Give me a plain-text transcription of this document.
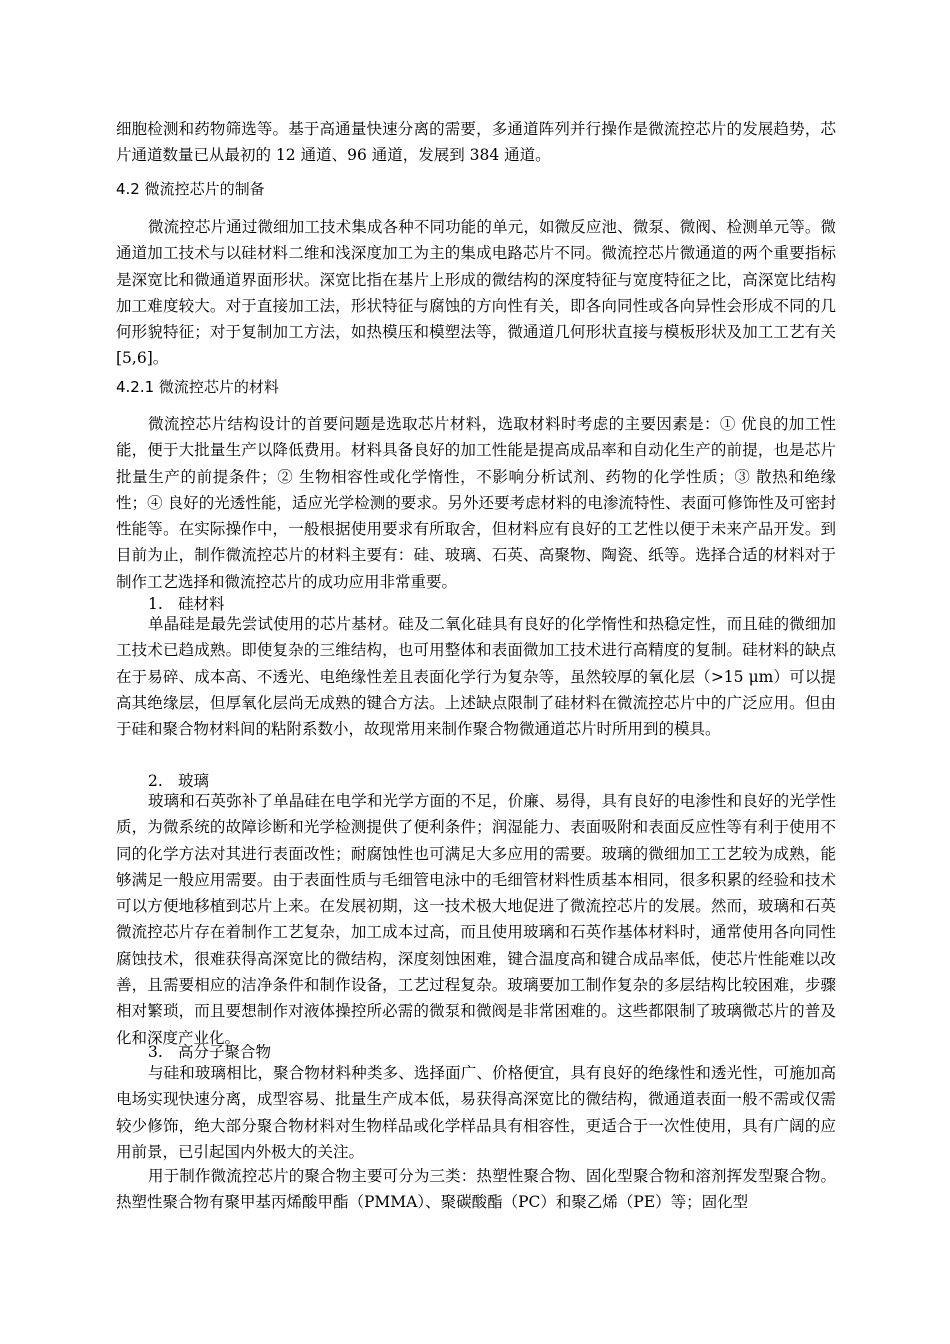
细胞检测和药物筛选等。基于高通量快速分离的需要，多通道阵列并行操作是微流控芯片的发展趋势，芯片通道数量已从最初的 12 通道、96 通道，发展到 384 通道。

4.2 微流控芯片的制备

微流控芯片通过微细加工技术集成各种不同功能的单元，如微反应池、微泵、微阀、检测单元等。微通道加工技术与以硅材料二维和浅深度加工为主的集成电路芯片不同。微流控芯片微通道的两个重要指标是深宽比和微通道界面形状。深宽比指在基片上形成的微结构的深度特征与宽度特征之比，高深宽比结构加工难度较大。对于直接加工法，形状特征与腐蚀的方向性有关，即各向同性或各向异性会形成不同的几何形貌特征；对于复制加工方法，如热模压和模塑法等，微通道几何形状直接与模板形状及加工工艺有关[5,6]。

4.2.1 微流控芯片的材料

微流控芯片结构设计的首要问题是选取芯片材料，选取材料时考虑的主要因素是：① 优良的加工性能，便于大批量生产以降低费用。材料具备良好的加工性能是提高成品率和自动化生产的前提，也是芯片批量生产的前提条件；② 生物相容性或化学惰性，不影响分析试剂、药物的化学性质；③ 散热和绝缘性；④ 良好的光透性能，适应光学检测的要求。另外还要考虑材料的电渗流特性、表面可修饰性及可密封性能等。在实际操作中，一般根据使用要求有所取舍，但材料应有良好的工艺性以便于未来产品开发。到目前为止，制作微流控芯片的材料主要有：硅、玻璃、石英、高聚物、陶瓷、纸等。选择合适的材料对于制作工艺选择和微流控芯片的成功应用非常重要。

1. 硅材料

单晶硅是最先尝试使用的芯片基材。硅及二氧化硅具有良好的化学惰性和热稳定性，而且硅的微细加工技术已趋成熟。即使复杂的三维结构，也可用整体和表面微加工技术进行高精度的复制。硅材料的缺点在于易碎、成本高、不透光、电绝缘性差且表面化学行为复杂等，虽然较厚的氧化层（>15 μm）可以提高其绝缘层，但厚氧化层尚无成熟的键合方法。上述缺点限制了硅材料在微流控芯片中的广泛应用。但由于硅和聚合物材料间的粘附系数小，故现常用来制作聚合物微通道芯片时所用到的模具。

2. 玻璃

玻璃和石英弥补了单晶硅在电学和光学方面的不足，价廉、易得，具有良好的电渗性和良好的光学性质，为微系统的故障诊断和光学检测提供了便利条件；润湿能力、表面吸附和表面反应性等有利于使用不同的化学方法对其进行表面改性；耐腐蚀性也可满足大多应用的需要。玻璃的微细加工工艺较为成熟，能够满足一般应用需要。由于表面性质与毛细管电泳中的毛细管材料性质基本相同，很多积累的经验和技术可以方便地移植到芯片上来。在发展初期，这一技术极大地促进了微流控芯片的发展。然而，玻璃和石英微流控芯片存在着制作工艺复杂，加工成本过高，而且使用玻璃和石英作基体材料时，通常使用各向同性腐蚀技术，很难获得高深宽比的微结构，深度刻蚀困难，键合温度高和键合成品率低，使芯片性能难以改善，且需要相应的洁净条件和制作设备，工艺过程复杂。玻璃要加工制作复杂的多层结构比较困难，步骤相对繁琐，而且要想制作对液体操控所必需的微泵和微阀是非常困难的。这些都限制了玻璃微芯片的普及化和深度产业化。

3. 高分子聚合物

与硅和玻璃相比，聚合物材料种类多、选择面广、价格便宜，具有良好的绝缘性和透光性，可施加高电场实现快速分离，成型容易、批量生产成本低，易获得高深宽比的微结构，微通道表面一般不需或仅需较少修饰，绝大部分聚合物材料对生物样品或化学样品具有相容性，更适合于一次性使用，具有广阔的应用前景，已引起国内外极大的关注。

用于制作微流控芯片的聚合物主要可分为三类：热塑性聚合物、固化型聚合物和溶剂挥发型聚合物。热塑性聚合物有聚甲基丙烯酸甲酯（PMMA）、聚碳酸酯（PC）和聚乙烯（PE）等；固化型
